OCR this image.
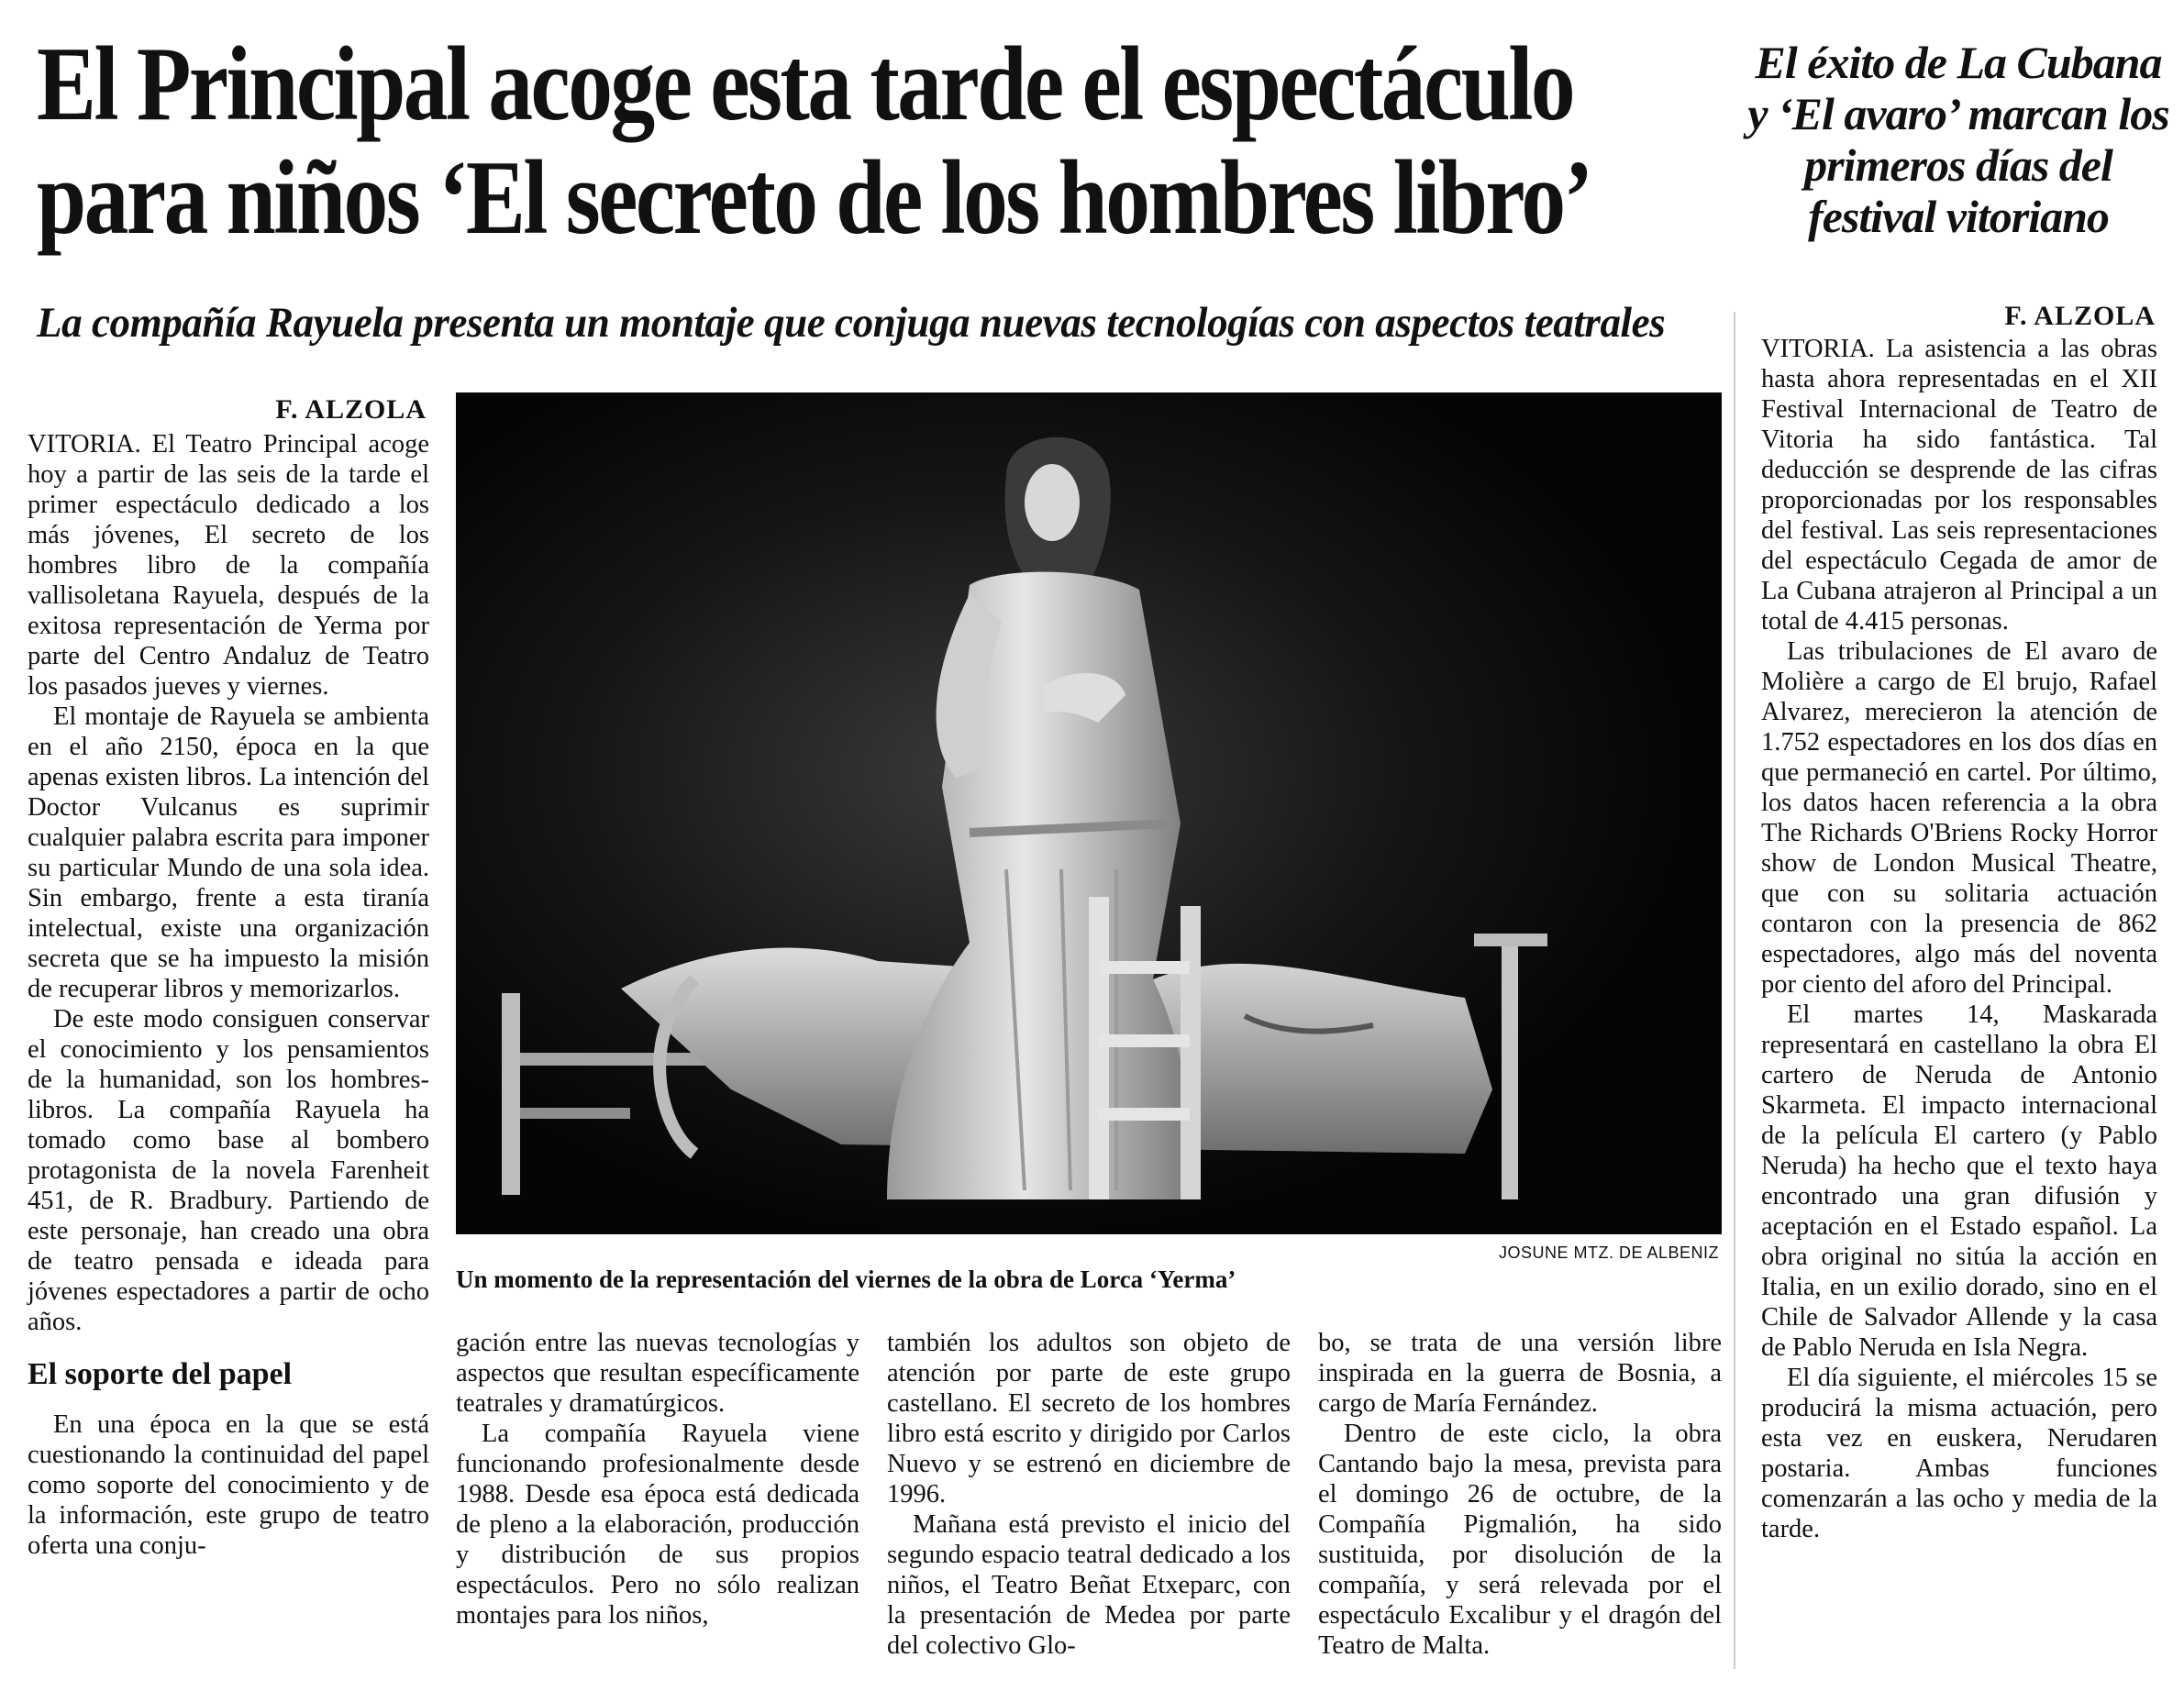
El Principal acoge esta tarde el espectáculo
para niños ‘El secreto de los hombres libro’
El éxito de La Cubana
y ‘El avaro’ marcan los
primeros días del
festival vitoriano
La compañía Rayuela presenta un montaje que conjuga nuevas tecnologías con aspectos teatrales
F. ALZOLA

VITORIA. El Teatro Principal acoge hoy a partir de las seis de la tarde el primer espectáculo dedicado a los más jóvenes, El secreto de los hombres libro de la compañía vallisoletana Rayuela, después de la exitosa representación de Yerma por parte del Centro Andaluz de Teatro los pasados jueves y viernes.

El montaje de Rayuela se ambienta en el año 2150, época en la que apenas existen libros. La intención del Doctor Vulcanus es suprimir cualquier palabra escrita para imponer su particular Mundo de una sola idea. Sin embargo, frente a esta tiranía intelectual, existe una organización secreta que se ha impuesto la misión de recuperar libros y memorizarlos.

De este modo consiguen conservar el conocimiento y los pensamientos de la humanidad, son los hombres-libros. La compañía Rayuela ha tomado como base al bombero protagonista de la novela Farenheit 451, de R. Bradbury. Partiendo de este personaje, han creado una obra de teatro pensada e ideada para jóvenes espectadores a partir de ocho años.

El soporte del papel

En una época en la que se está cuestionando la continuidad del papel como soporte del conocimiento y de la información, este grupo de teatro oferta una conju-

JOSUNE MTZ. DE ALBENIZ
Un momento de la representación del viernes de la obra de Lorca ‘Yerma’

gación entre las nuevas tecnologías y aspectos que resultan específicamente teatrales y dramatúrgicos.

La compañía Rayuela viene funcionando profesionalmente desde 1988. Desde esa época está dedicada de pleno a la elaboración, producción y distribución de sus propios espectáculos. Pero no sólo realizan montajes para los niños,

también los adultos son objeto de atención por parte de este grupo castellano. El secreto de los hombres libro está escrito y dirigido por Carlos Nuevo y se estrenó en diciembre de 1996.

Mañana está previsto el inicio del segundo espacio teatral dedicado a los niños, el Teatro Beñat Etxeparc, con la presentación de Medea por parte del colectivo Glo-

bo, se trata de una versión libre inspirada en la guerra de Bosnia, a cargo de María Fernández.

Dentro de este ciclo, la obra Cantando bajo la mesa, prevista para el domingo 26 de octubre, de la Compañía Pigmalión, ha sido sustituida, por disolución de la compañía, y será relevada por el espectáculo Excalibur y el dragón del Teatro de Malta.

F. ALZOLA

VITORIA. La asistencia a las obras hasta ahora representadas en el XII Festival Internacional de Teatro de Vitoria ha sido fantástica. Tal deducción se desprende de las cifras proporcionadas por los responsables del festival. Las seis representaciones del espectáculo Cegada de amor de La Cubana atrajeron al Principal a un total de 4.415 personas.

Las tribulaciones de El avaro de Molière a cargo de El brujo, Rafael Alvarez, merecieron la atención de 1.752 espectadores en los dos días en que permaneció en cartel. Por último, los datos hacen referencia a la obra The Richards O'Briens Rocky Horror show de London Musical Theatre, que con su solitaria actuación contaron con la presencia de 862 espectadores, algo más del noventa por ciento del aforo del Principal.

El martes 14, Maskarada representará en castellano la obra El cartero de Neruda de Antonio Skarmeta. El impacto internacional de la película El cartero (y Pablo Neruda) ha hecho que el texto haya encontrado una gran difusión y aceptación en el Estado español. La obra original no sitúa la acción en Italia, en un exilio dorado, sino en el Chile de Salvador Allende y la casa de Pablo Neruda en Isla Negra.

El día siguiente, el miércoles 15 se producirá la misma actuación, pero esta vez en euskera, Nerudaren postaria. Ambas funciones comenzarán a las ocho y media de la tarde.
